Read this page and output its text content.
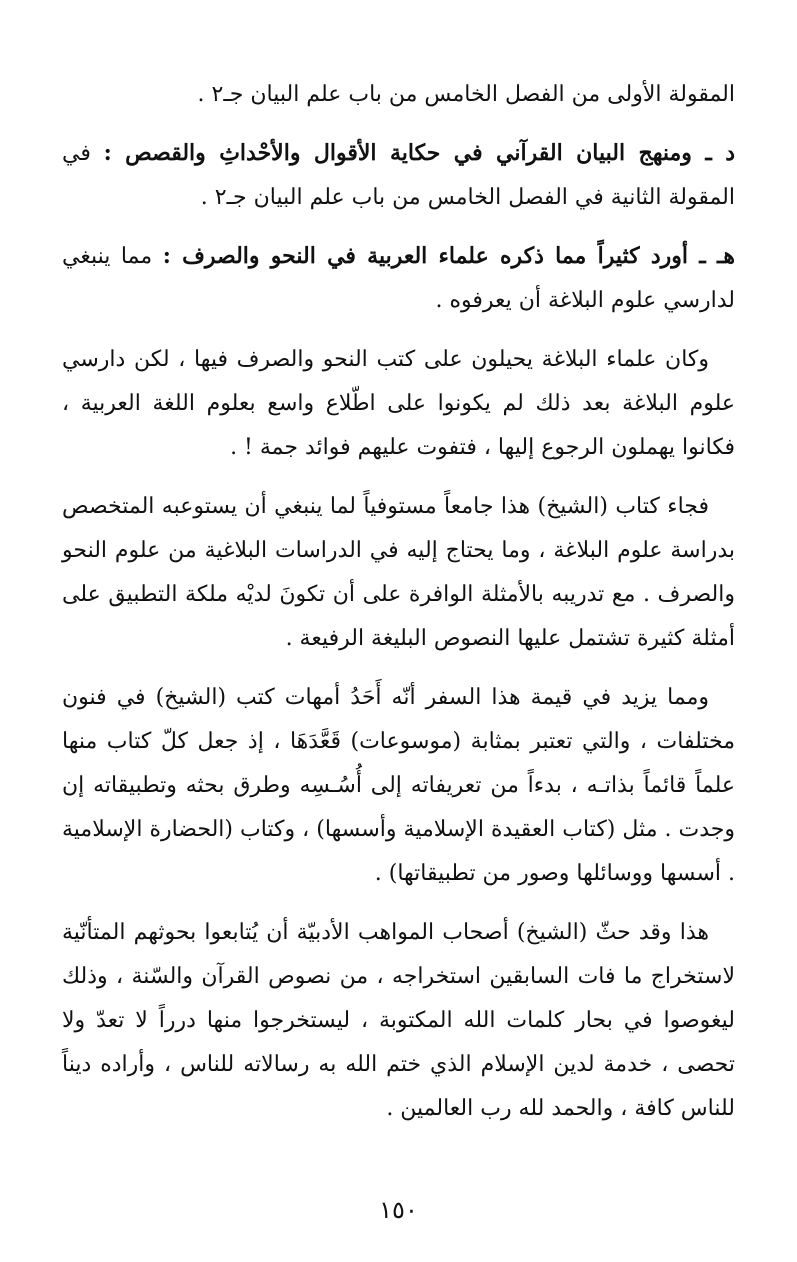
المقولة الأولى من الفصل الخامس من باب علم البيان جـ٢ .

د ـ ومنهج البيان القرآني في حكاية الأقوال والأحْداثِ والقصص : في المقولة الثانية في الفصل الخامس من باب علم البيان جـ٢ .

هـ ـ أورد كثيراً مما ذكره علماء العربية في النحو والصرف : مما ينبغي لدارسي علوم البلاغة أن يعرفوه .

وكان علماء البلاغة يحيلون على كتب النحو والصرف فيها ، لكن دارسي علوم البلاغة بعد ذلك لم يكونوا على اطّلاع واسع بعلوم اللغة العربية ، فكانوا يهملون الرجوع إليها ، فتفوت عليهم فوائد جمة ! .

فجاء كتاب (الشيخ) هذا جامعاً مستوفياً لما ينبغي أن يستوعبه المتخصص بدراسة علوم البلاغة ، وما يحتاج إليه في الدراسات البلاغية من علوم النحو والصرف . مع تدريبه بالأمثلة الوافرة على أن تكونَ لديْه ملكة التطبيق على أمثلة كثيرة تشتمل عليها النصوص البليغة الرفيعة .

ومما يزيد في قيمة هذا السفر أنّه أَحَدُ أمهات كتب (الشيخ) في فنون مختلفات ، والتي تعتبر بمثابة (موسوعات) قَعَّدَهَا ، إذ جعل كلّ كتاب منها علماً قائماً بذاتـه ، بدءاً من تعريفاته إلى أُسُـسِه وطرق بحثه وتطبيقاته إن وجدت . مثل (كتاب العقيدة الإسلامية وأسسها) ، وكتاب (الحضارة الإسلامية . أسسها ووسائلها وصور من تطبيقاتها) .

هذا وقد حثّ (الشيخ) أصحاب المواهب الأدبيّة أن يُتابعوا بحوثهم المتأنّية لاستخراج ما فات السابقين استخراجه ، من نصوص القرآن والسّنة ، وذلك ليغوصوا في بحار كلمات الله المكتوبة ، ليستخرجوا منها درراً لا تعدّ ولا تحصى ، خدمة لدين الإسلام الذي ختم الله به رسالاته للناس ، وأراده ديناً للناس كافة ، والحمد لله رب العالمين .

١٥٠
